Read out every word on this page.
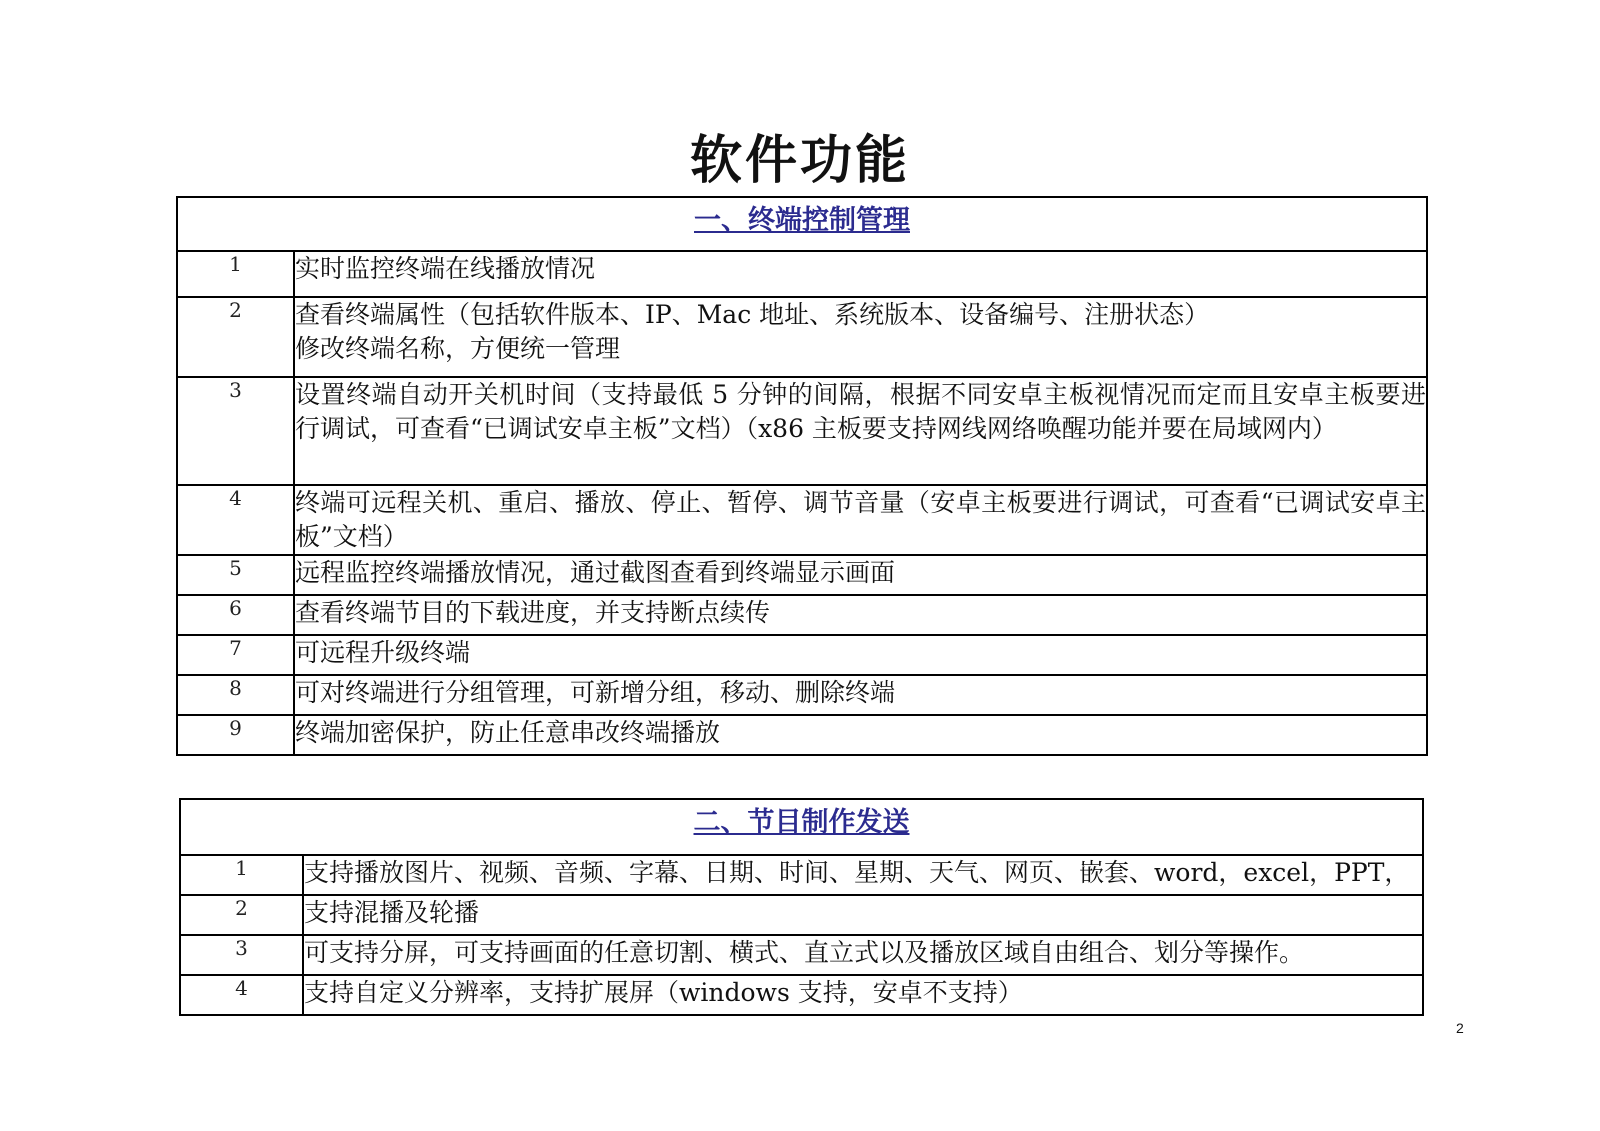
软件功能
一、终端控制管理	
1	实时监控终端在线播放情况
2	查看终端属性（包括软件版本、IP、Mac 地址、系统版本、设备编号、注册状态）
修改终端名称，方便统一管理

3	设置终端自动开关机时间（支持最低 5 分钟的间隔，根据不同安卓主板视情况而定而且安卓主板要进行调试，可查看“已调试安卓主板”文档）（x86 主板要支持网线网络唤醒功能并要在局域网内）
4	终端可远程关机、重启、播放、停止、暂停、调节音量（安卓主板要进行调试，可查看“已调试安卓主板”文档）
5	远程监控终端播放情况，通过截图查看到终端显示画面
6	查看终端节目的下载进度，并支持断点续传
7	可远程升级终端
8	可对终端进行分组管理，可新增分组，移动、删除终端
9	终端加密保护，防止任意串改终端播放
二、节目制作发送	
1	支持播放图片、视频、音频、字幕、日期、时间、星期、天气、网页、嵌套、word，excel，PPT，
2	支持混播及轮播
3	可支持分屏，可支持画面的任意切割、横式、直立式以及播放区域自由组合、划分等操作。
4	支持自定义分辨率，支持扩展屏（windows 支持，安卓不支持）
2
